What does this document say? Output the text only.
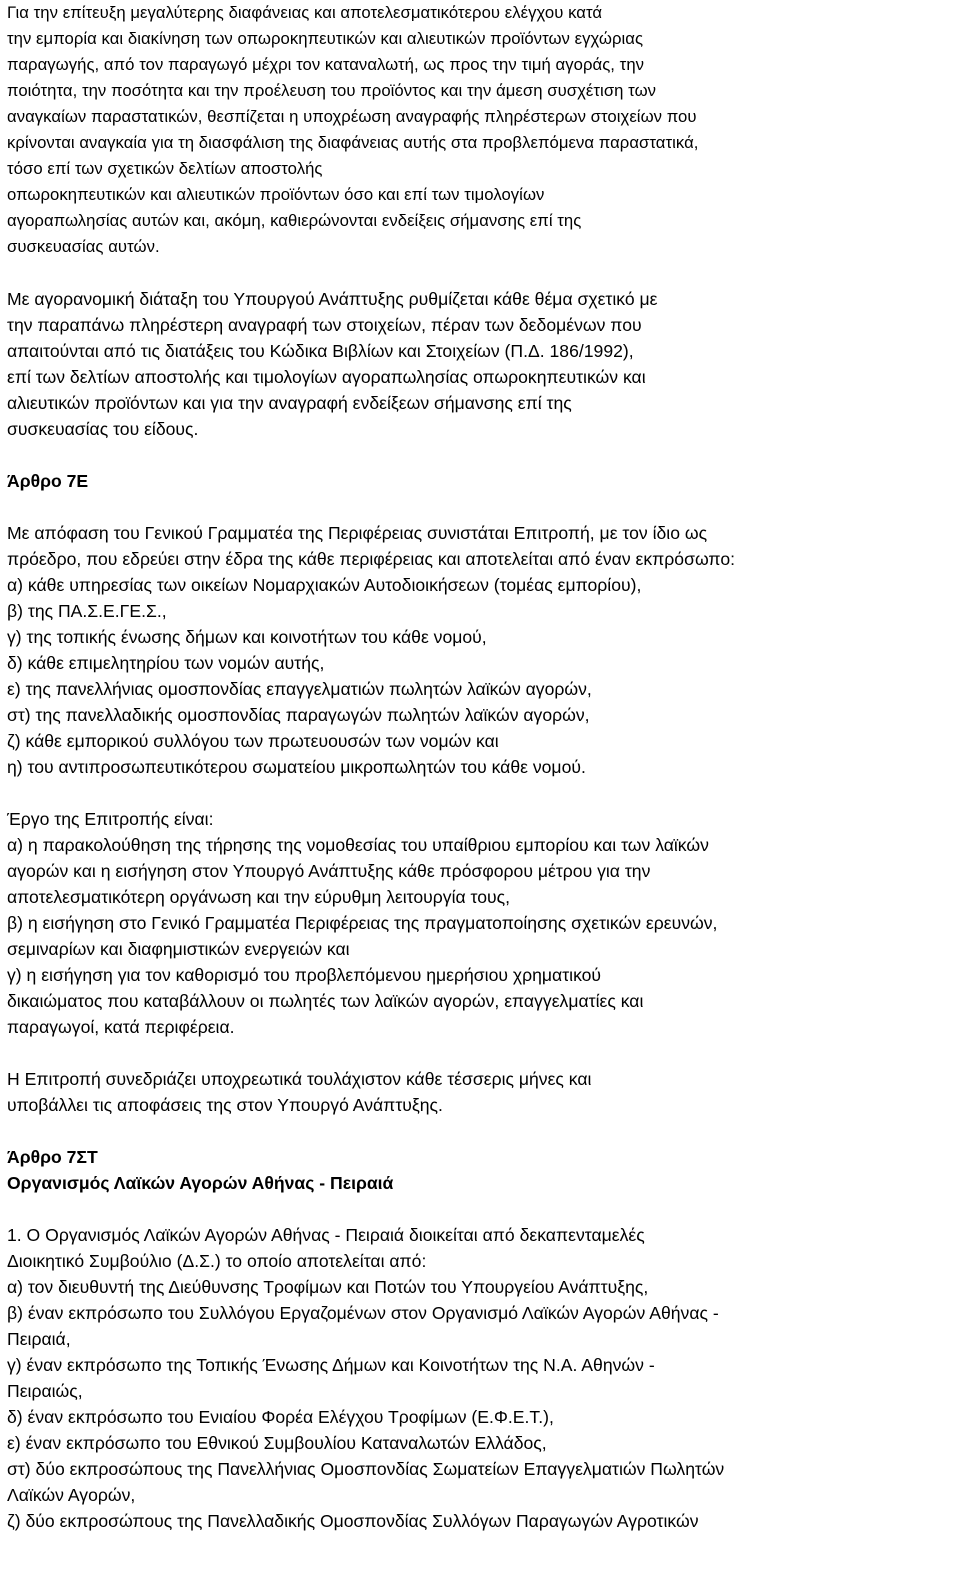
Για την επίτευξη μεγαλύτερης διαφάνειας και αποτελεσματικότερου ελέγχου κατά
την εμπορία και διακίνηση των οπωροκηπευτικών και αλιευτικών προϊόντων εγχώριας
παραγωγής, από τον παραγωγό μέχρι τον καταναλωτή, ως προς την τιμή αγοράς, την
ποιότητα, την ποσότητα και την προέλευση του προϊόντος και την άμεση συσχέτιση των
αναγκαίων παραστατικών, θεσπίζεται η υποχρέωση αναγραφής πληρέστερων στοιχείων που
κρίνονται αναγκαία για τη διασφάλιση της διαφάνειας αυτής στα προβλεπόμενα παραστατικά,
τόσο επί των σχετικών δελτίων αποστολής
οπωροκηπευτικών και αλιευτικών προϊόντων όσο και επί των τιμολογίων
αγοραπωλησίας αυτών και, ακόμη, καθιερώνονται ενδείξεις σήμανσης επί της
συσκευασίας αυτών.
Με αγορανομική διάταξη του Υπουργού Ανάπτυξης ρυθμίζεται κάθε θέμα σχετικό με
την παραπάνω πληρέστερη αναγραφή των στοιχείων, πέραν των δεδομένων που
απαιτούνται από τις διατάξεις του Κώδικα Βιβλίων και Στοιχείων (Π.Δ. 186/1992),
επί των δελτίων αποστολής και τιμολογίων αγοραπωλησίας οπωροκηπευτικών και
αλιευτικών προϊόντων και για την αναγραφή ενδείξεων σήμανσης επί της
συσκευασίας του είδους.
Άρθρο 7Ε
Με απόφαση του Γενικού Γραμματέα της Περιφέρειας συνιστάται Επιτροπή, με τον ίδιο ως
πρόεδρο, που εδρεύει στην έδρα της κάθε περιφέρειας και αποτελείται από έναν εκπρόσωπο:
α) κάθε υπηρεσίας των οικείων Νομαρχιακών Αυτοδιοικήσεων (τομέας εμπορίου),
β) της ΠΑ.Σ.Ε.ΓΕ.Σ.,
γ) της τοπικής ένωσης δήμων και κοινοτήτων του κάθε νομού,
δ) κάθε επιμελητηρίου των νομών αυτής,
ε) της πανελλήνιας ομοσπονδίας επαγγελματιών πωλητών λαϊκών αγορών,
στ) της πανελλαδικής ομοσπονδίας παραγωγών πωλητών λαϊκών αγορών,
ζ) κάθε εμπορικού συλλόγου των πρωτευουσών των νομών και
η) του αντιπροσωπευτικότερου σωματείου μικροπωλητών του κάθε νομού.
Έργο της Επιτροπής είναι:
α) η παρακολούθηση της τήρησης της νομοθεσίας του υπαίθριου εμπορίου και των λαϊκών
αγορών και η εισήγηση στον Υπουργό Ανάπτυξης κάθε πρόσφορου μέτρου για την
αποτελεσματικότερη οργάνωση και την εύρυθμη λειτουργία τους,
β) η εισήγηση στο Γενικό Γραμματέα Περιφέρειας της πραγματοποίησης σχετικών ερευνών,
σεμιναρίων και διαφημιστικών ενεργειών και
γ) η εισήγηση για τον καθορισμό του προβλεπόμενου ημερήσιου χρηματικού
δικαιώματος που καταβάλλουν οι πωλητές των λαϊκών αγορών, επαγγελματίες και
παραγωγοί, κατά περιφέρεια.
Η Επιτροπή συνεδριάζει υποχρεωτικά τουλάχιστον κάθε τέσσερις μήνες και
υποβάλλει τις αποφάσεις της στον Υπουργό Ανάπτυξης.
Άρθρο 7ΣΤ
Οργανισμός Λαϊκών Αγορών Αθήνας - Πειραιά
1. Ο Οργανισμός Λαϊκών Αγορών Αθήνας - Πειραιά διοικείται από δεκαπενταμελές
Διοικητικό Συμβούλιο (Δ.Σ.) το οποίο αποτελείται από:
α) τον διευθυντή της Διεύθυνσης Τροφίμων και Ποτών του Υπουργείου Ανάπτυξης,
β) έναν εκπρόσωπο του Συλλόγου Εργαζομένων στον Οργανισμό Λαϊκών Αγορών Αθήνας -
Πειραιά,
γ) έναν εκπρόσωπο της Τοπικής Ένωσης Δήμων και Κοινοτήτων της Ν.Α. Αθηνών -
Πειραιώς,
δ) έναν εκπρόσωπο του Ενιαίου Φορέα Ελέγχου Τροφίμων (Ε.Φ.Ε.Τ.),
ε) έναν εκπρόσωπο του Εθνικού Συμβουλίου Καταναλωτών Ελλάδος,
στ) δύο εκπροσώπους της Πανελλήνιας Ομοσπονδίας Σωματείων Επαγγελματιών Πωλητών
Λαϊκών Αγορών,
ζ) δύο εκπροσώπους της Πανελλαδικής Ομοσπονδίας Συλλόγων Παραγωγών Αγροτικών
